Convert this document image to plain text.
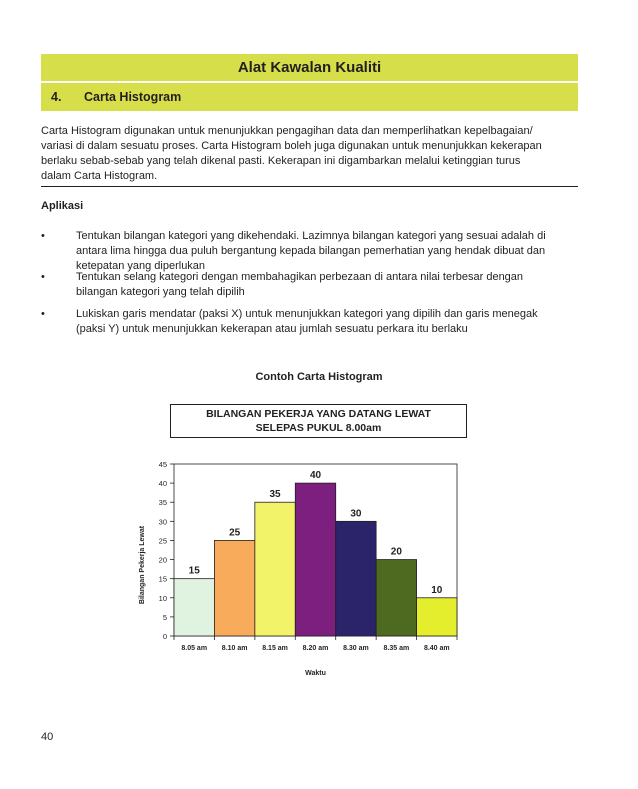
Alat Kawalan Kualiti
4. Carta Histogram
Carta Histogram digunakan untuk menunjukkan pengagihan data dan memperlihatkan kepelbagaian/
variasi di dalam sesuatu proses. Carta Histogram boleh juga digunakan untuk menunjukkan kekerapan
berlaku sebab-sebab yang telah dikenal pasti. Kekerapan ini digambarkan melalui ketinggian turus
dalam Carta Histogram.
Aplikasi
•	Tentukan bilangan kategori yang dikehendaki. Lazimnya bilangan kategori yang sesuai adalah di
antara lima hingga dua puluh bergantung kepada bilangan pemerhatian yang hendak dibuat dan
ketepatan yang diperlukan
•	Tentukan selang kategori dengan membahagikan perbezaan di antara nilai terbesar dengan
bilangan kategori yang telah dipilih
•	Lukiskan garis mendatar (paksi X) untuk menunjukkan kategori yang dipilih dan garis menegak
(paksi Y) untuk menunjukkan kekerapan atau jumlah sesuatu perkara itu berlaku
Contoh Carta Histogram
BILANGAN PEKERJA YANG DATANG LEWAT
SELEPAS PUKUL 8.00am
0
5
10
15
20
25
30
35
40
45
15
8.05 am
25
8.10 am
35
8.15 am
40
8.20 am
30
8.30 am
20
8.35 am
10
8.40 am
Waktu
Bilangan Pekerja Lewat
40
